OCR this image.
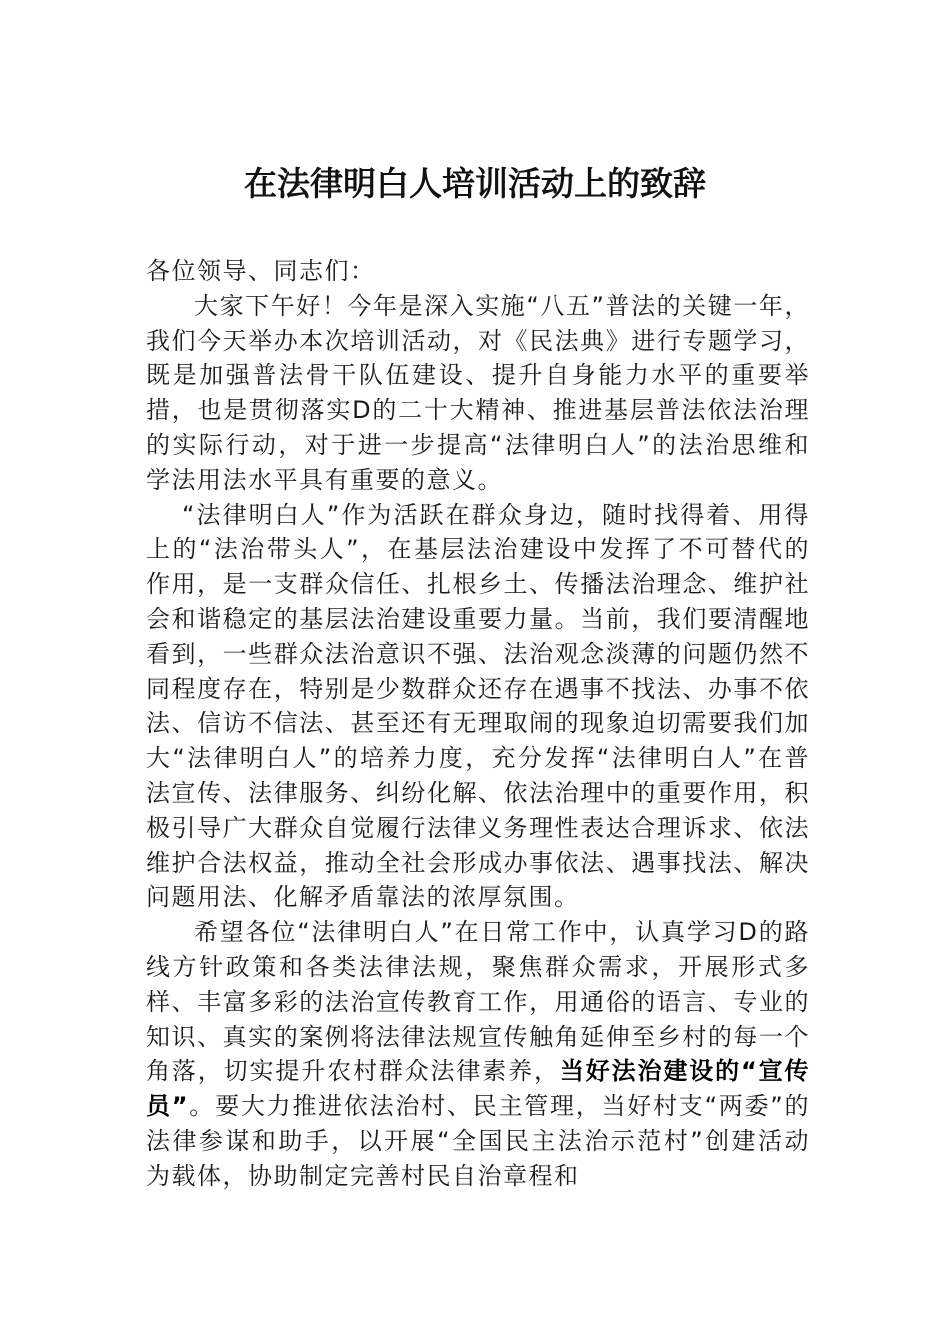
在法律明白人培训活动上的致辞

各位领导、同志们：

大家下午好！今年是深入实施“八五”普法的关键一年，我们今天举办本次培训活动，对《民法典》进行专题学习，既是加强普法骨干队伍建设、提升自身能力水平的重要举措，也是贯彻落实D的二十大精神、推进基层普法依法治理的实际行动，对于进一步提高“法律明白人”的法治思维和学法用法水平具有重要的意义。

“法律明白人”作为活跃在群众身边，随时找得着、用得上的“法治带头人”，在基层法治建设中发挥了不可替代的作用，是一支群众信任、扎根乡土、传播法治理念、维护社会和谐稳定的基层法治建设重要力量。当前，我们要清醒地看到，一些群众法治意识不强、法治观念淡薄的问题仍然不同程度存在，特别是少数群众还存在遇事不找法、办事不依法、信访不信法、甚至还有无理取闹的现象迫切需要我们加大“法律明白人”的培养力度，充分发挥“法律明白人”在普法宣传、法律服务、纠纷化解、依法治理中的重要作用，积极引导广大群众自觉履行法律义务理性表达合理诉求、依法维护合法权益，推动全社会形成办事依法、遇事找法、解决问题用法、化解矛盾靠法的浓厚氛围。

希望各位“法律明白人”在日常工作中，认真学习D的路线方针政策和各类法律法规，聚焦群众需求，开展形式多样、丰富多彩的法治宣传教育工作，用通俗的语言、专业的知识、真实的案例将法律法规宣传触角延伸至乡村的每一个角落，切实提升农村群众法律素养，当好法治建设的“宣传员”。要大力推进依法治村、民主管理，当好村支“两委”的法律参谋和助手，以开展“全国民主法治示范村”创建活动为载体，协助制定完善村民自治章程和
